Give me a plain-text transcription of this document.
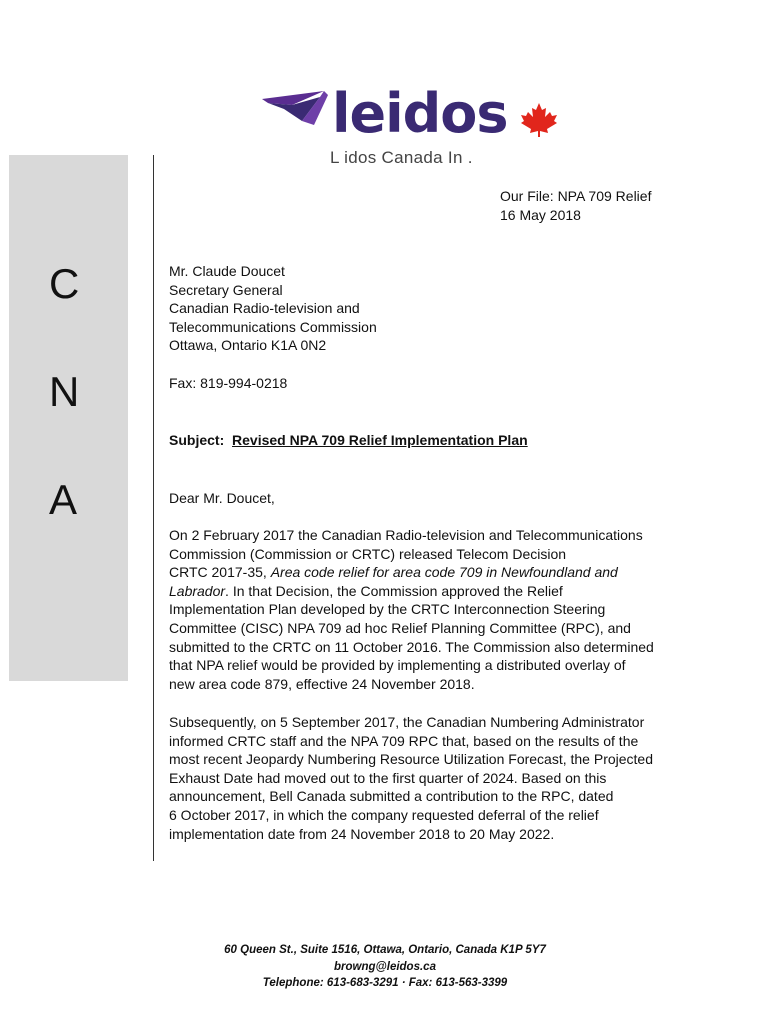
leidos
L idos Canada In .
C
N
A
Our File: NPA 709 Relief
16 May 2018
Mr. Claude Doucet
Secretary General
Canadian Radio-television and
Telecommunications Commission
Ottawa, Ontario K1A 0N2
Fax: 819-994-0218
Subject: Revised NPA 709 Relief Implementation Plan
Dear Mr. Doucet,
On 2 February 2017 the Canadian Radio-television and Telecommunications
Commission (Commission or CRTC) released Telecom Decision
CRTC 2017-35, Area code relief for area code 709 in Newfoundland and
Labrador. In that Decision, the Commission approved the Relief
Implementation Plan developed by the CRTC Interconnection Steering
Committee (CISC) NPA 709 ad hoc Relief Planning Committee (RPC), and
submitted to the CRTC on 11 October 2016. The Commission also determined
that NPA relief would be provided by implementing a distributed overlay of
new area code 879, effective 24 November 2018.
Subsequently, on 5 September 2017, the Canadian Numbering Administrator
informed CRTC staff and the NPA 709 RPC that, based on the results of the
most recent Jeopardy Numbering Resource Utilization Forecast, the Projected
Exhaust Date had moved out to the first quarter of 2024. Based on this
announcement, Bell Canada submitted a contribution to the RPC, dated
6 October 2017, in which the company requested deferral of the relief
implementation date from 24 November 2018 to 20 May 2022.
60 Queen St., Suite 1516, Ottawa, Ontario, Canada K1P 5Y7
browng@leidos.ca
Telephone: 613-683-3291 · Fax: 613-563-3399
